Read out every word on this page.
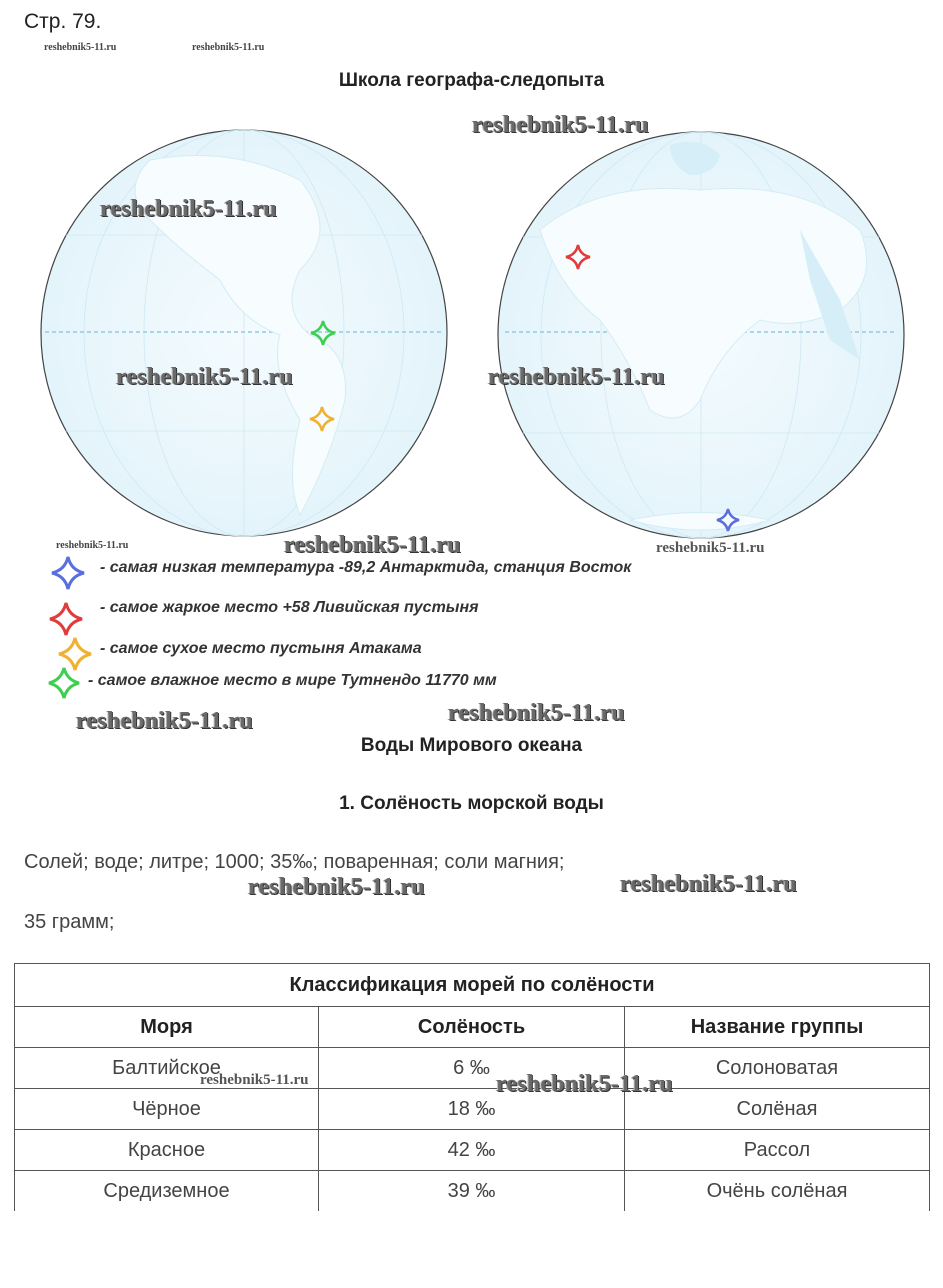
Стр. 79.
reshebnik5-11.ru	reshebnik5-11.ru
Школа географа-следопыта
reshebnik5-11.ru
reshebnik5-11.ru
reshebnik5-11.ru	reshebnik5-11.ru
reshebnik5-11.ru	reshebnik5-11.ru	reshebnik5-11.ru
- самая низкая температура -89,2 Антарктида, станция Восток
- самое жаркое место +58 Ливийская пустыня
- самое сухое место пустыня Атакама
- самое влажное место в мире Тутнендо 11770 мм
reshebnik5-11.ru	reshebnik5-11.ru
Воды Мирового океана
1. Солёность морской воды
Солей; воде; литре; 1000; 35‰; поваренная; соли магния;
reshebnik5-11.ru	reshebnik5-11.ru
35 грамм;
Классификация морей по солёности		
Моря	Солёность	Название группы
Балтийское	6 ‰	Солоноватая
Чёрное	18 ‰	Солёная
Красное	42 ‰	Рассол
Средиземное	39 ‰	Очёнь солёная
reshebnik5-11.ru	reshebnik5-11.ru
